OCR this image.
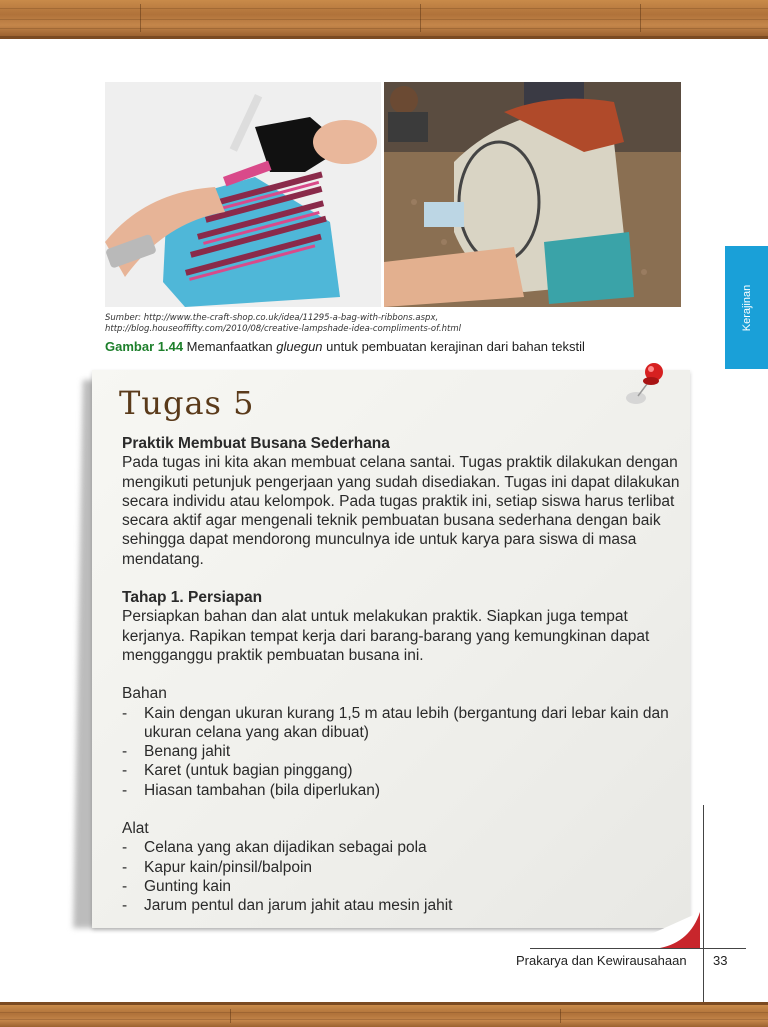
Sumber: http://www.the-craft-shop.co.uk/idea/11295-a-bag-with-ribbons.aspx,
http://blog.houseoffifty.com/2010/08/creative-lampshade-idea-compliments-of.html
Gambar 1.44 Memanfaatkan gluegun untuk pembuatan kerajinan dari bahan tekstil
Kerajinan
Tugas 5

Praktik Membuat Busana Sederhana

Pada tugas ini kita akan membuat celana santai. Tugas praktik dilakukan dengan mengikuti petunjuk pengerjaan yang sudah disediakan. Tugas ini dapat dilakukan secara individu atau kelompok. Pada tugas praktik ini, setiap siswa harus terlibat secara aktif agar mengenali teknik pembuatan busana sederhana dengan baik sehingga dapat mendorong munculnya ide untuk karya para siswa di masa mendatang.

Tahap 1. Persiapan

Persiapkan bahan dan alat untuk melakukan praktik. Siapkan juga tempat kerjanya. Rapikan tempat kerja dari barang-barang yang kemungkinan dapat mengganggu praktik pembuatan busana ini.

Bahan

- Kain dengan ukuran kurang 1,5 m atau lebih (bergantung dari lebar kain dan ukuran celana yang akan dibuat)
- Benang jahit
- Karet (untuk bagian pinggang)
- Hiasan tambahan (bila diperlukan)

Alat

- Celana yang akan dijadikan sebagai pola
- Kapur kain/pinsil/balpoin
- Gunting kain
- Jarum pentul dan jarum jahit atau mesin jahit
Prakarya dan Kewirausahaan 33
